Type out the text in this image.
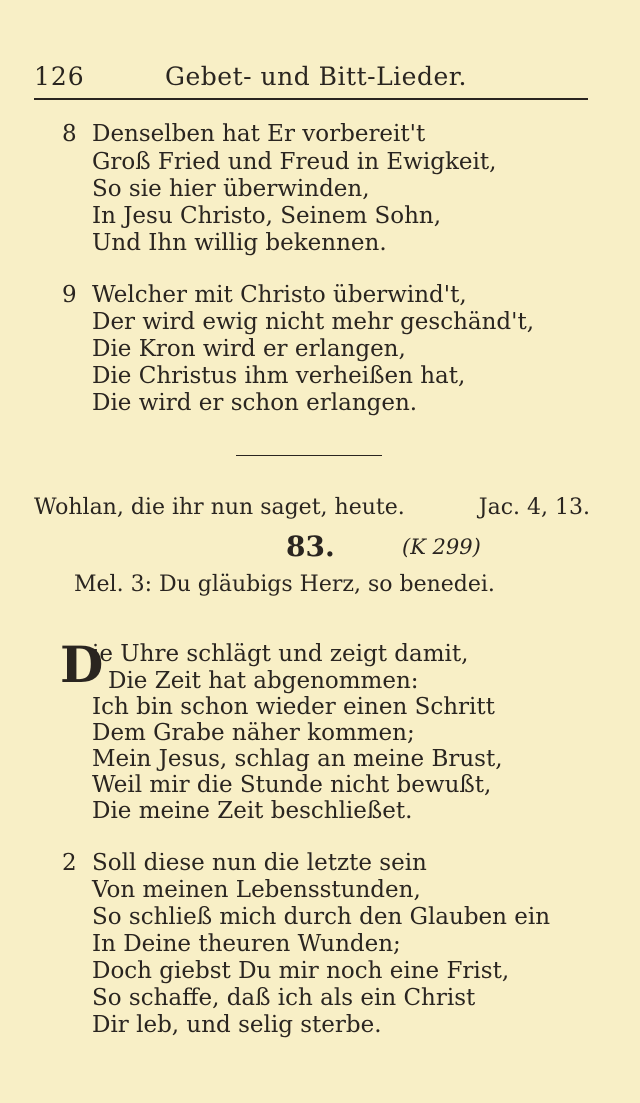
126	Gebet- und Bitt-Lieder.
8 Denselben hat Er vorbereit't
Groß Fried und Freud in Ewigkeit,
So sie hier überwinden,
In Jesu Christo, Seinem Sohn,
Und Ihn willig bekennen.
9 Welcher mit Christo überwind't,
Der wird ewig nicht mehr geschänd't,
Die Kron wird er erlangen,
Die Christus ihm verheißen hat,
Die wird er schon erlangen.
Wohlan, die ihr nun saget, heute.	Jac. 4, 13.
83.	(K 299)
Mel. 3: Du gläubigs Herz, so benedei.
D
ie Uhre schlägt und zeigt damit,
Die Zeit hat abgenommen:
Ich bin schon wieder einen Schritt
Dem Grabe näher kommen;
Mein Jesus, schlag an meine Brust,
Weil mir die Stunde nicht bewußt,
Die meine Zeit beschließet.
2 Soll diese nun die letzte sein
Von meinen Lebensstunden,
So schließ mich durch den Glauben ein
In Deine theuren Wunden;
Doch giebst Du mir noch eine Frist,
So schaffe, daß ich als ein Christ
Dir leb, und selig sterbe.
